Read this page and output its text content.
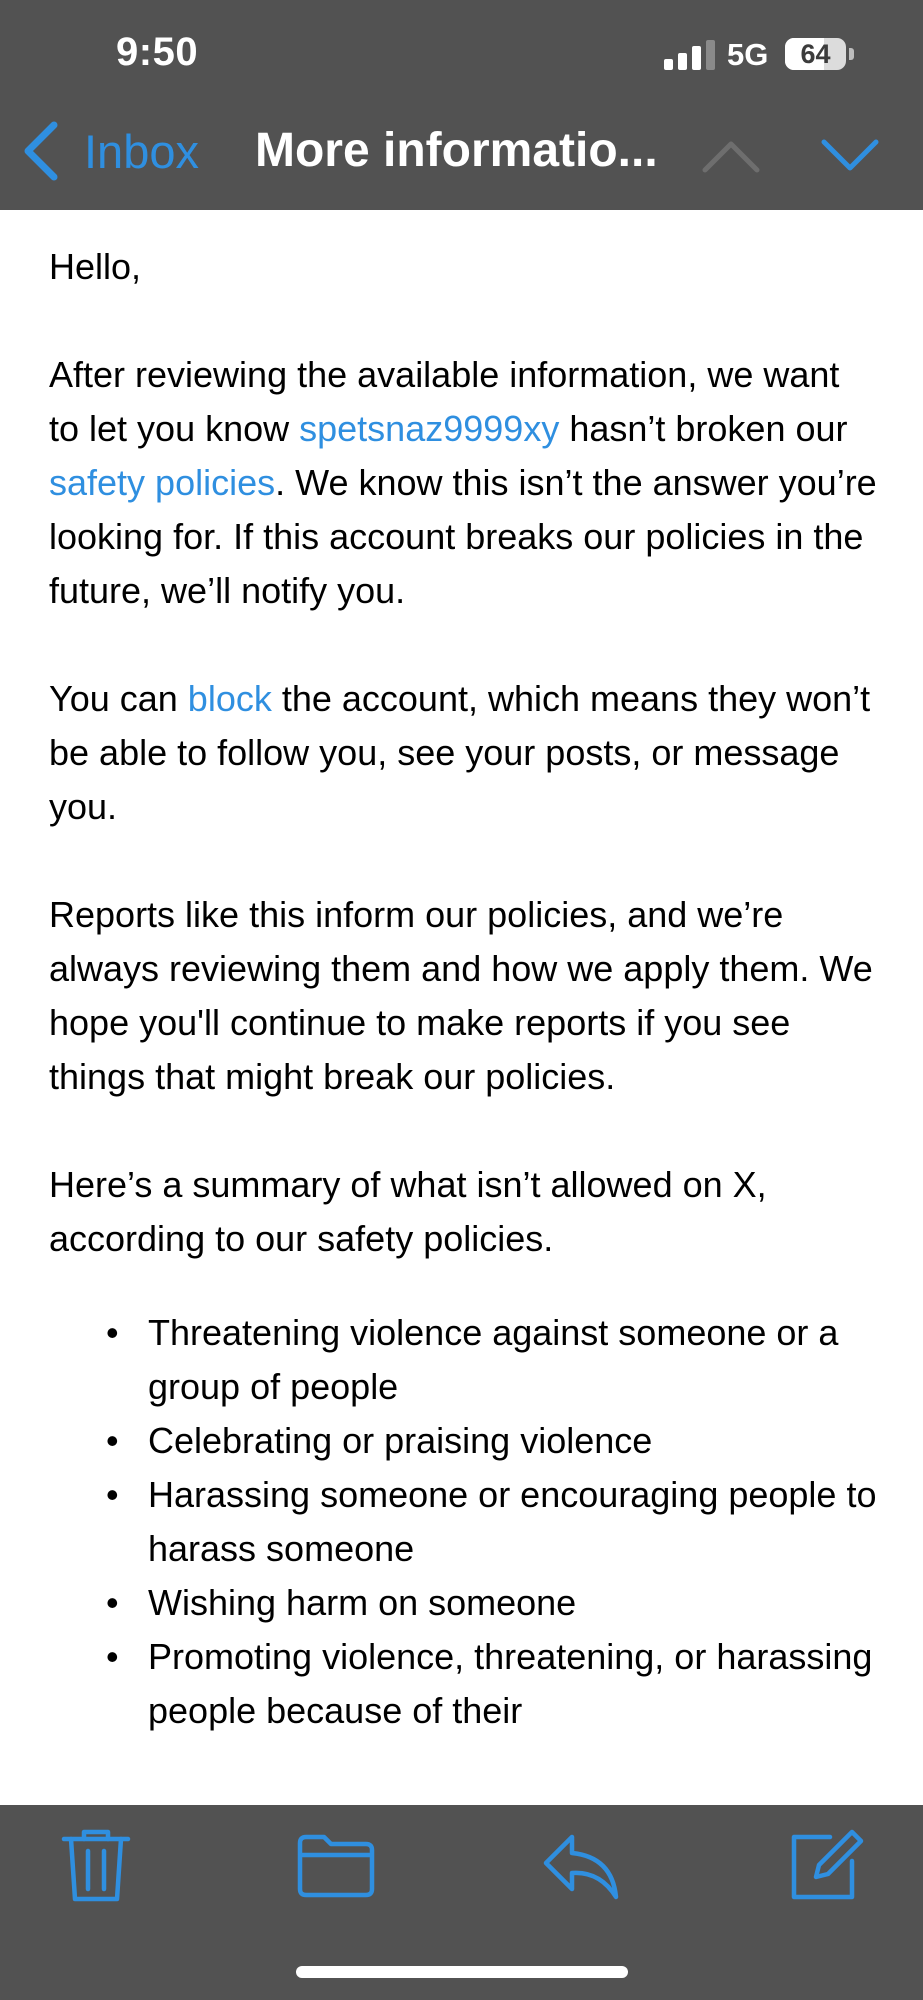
9:50	5G	64
Inbox More informatio...

Hello,

After reviewing the available information, we want to let you know spetsnaz9999xy hasn’t broken our safety policies. We know this isn’t the answer you’re looking for. If this account breaks our policies in the future, we’ll notify you.

You can block the account, which means they won’t be able to follow you, see your posts, or message you.

Reports like this inform our policies, and we’re always reviewing them and how we apply them. We hope you'll continue to make reports if you see things that might break our policies.

Here’s a summary of what isn’t allowed on X, according to our safety policies.

• Threatening violence against someone or a group of people
• Celebrating or praising violence
• Harassing someone or encouraging people to harass someone
• Wishing harm on someone
• Promoting violence, threatening, or harassing people because of their
